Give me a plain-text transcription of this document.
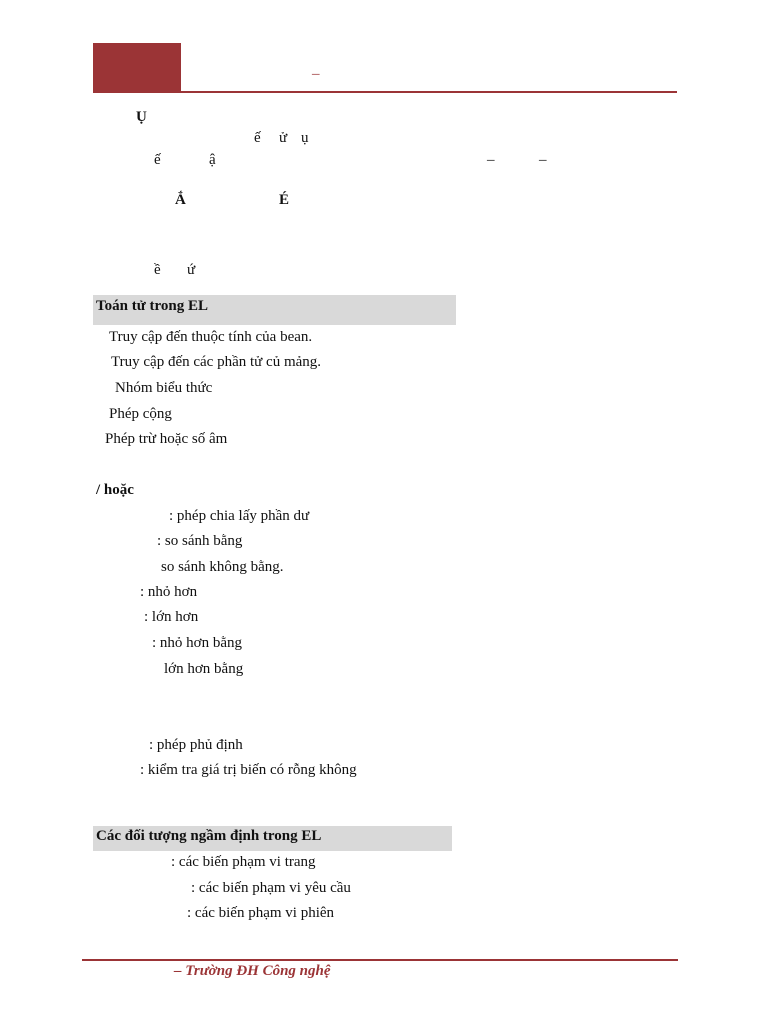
–
Ụ
ế ử ụ
ế	ậ	–	–
Ắ	É
ề ứ
Toán tử trong EL
Truy cập đến thuộc tính của bean.
Truy cập đến các phần tử củ mảng.
Nhóm biểu thức
Phép cộng
Phép trừ hoặc số âm
/ hoặc
: phép chia lấy phần dư
: so sánh bằng
so sánh không bằng.
: nhỏ hơn
: lớn hơn
: nhỏ hơn bằng
lớn hơn bằng
: phép phủ định
: kiểm tra giá trị biến có rỗng không
Các đối tượng ngầm định trong EL
: các biến phạm vi trang
: các biến phạm vi yêu cầu
: các biến phạm vi phiên
– Trường ĐH Công nghệ
